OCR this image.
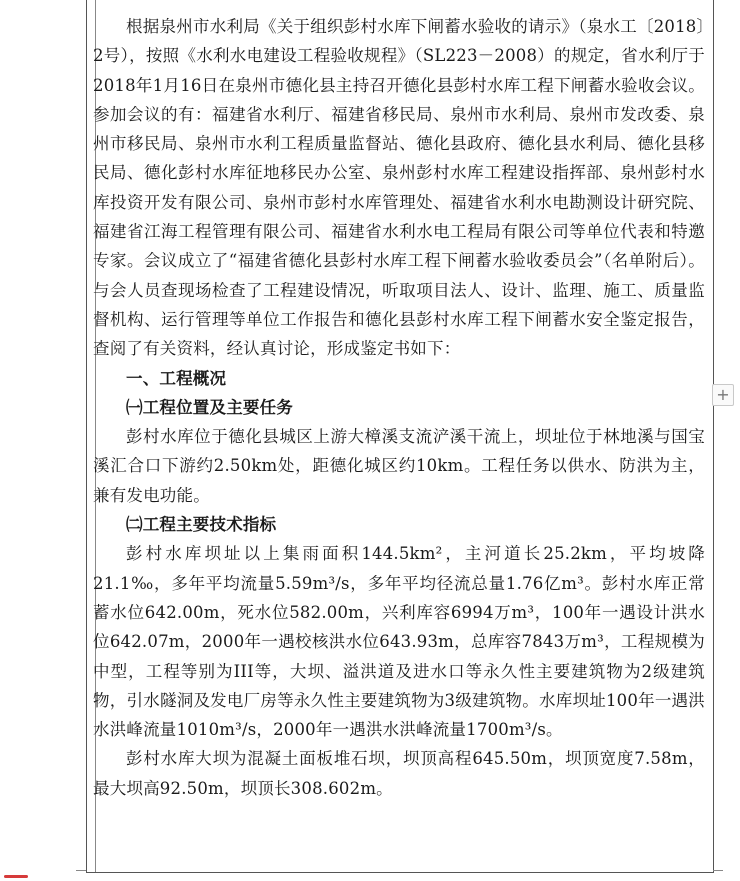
根据泉州市水利局《关于组织彭村水库下闸蓄水验收的请示》（泉水工〔2018〕2号），按照《水利水电建设工程验收规程》（SL223－2008）的规定，省水利厅于2018年1月16日在泉州市德化县主持召开德化县彭村水库工程下闸蓄水验收会议。参加会议的有：福建省水利厅、福建省移民局、泉州市水利局、泉州市发改委、泉州市移民局、泉州市水利工程质量监督站、德化县政府、德化县水利局、德化县移民局、德化彭村水库征地移民办公室、泉州彭村水库工程建设指挥部、泉州彭村水库投资开发有限公司、泉州市彭村水库管理处、福建省水利水电勘测设计研究院、福建省江海工程管理有限公司、福建省水利水电工程局有限公司等单位代表和特邀专家。会议成立了“福建省德化县彭村水库工程下闸蓄水验收委员会”（名单附后）。与会人员查现场检查了工程建设情况，听取项目法人、设计、监理、施工、质量监督机构、运行管理等单位工作报告和德化县彭村水库工程下闸蓄水安全鉴定报告，查阅了有关资料，经认真讨论，形成鉴定书如下：

一、工程概况
㈠工程位置及主要任务

彭村水库位于德化县城区上游大樟溪支流浐溪干流上，坝址位于林地溪与国宝溪汇合口下游约2.50km处，距德化城区约10km。工程任务以供水、防洪为主，兼有发电功能。

㈡工程主要技术指标

彭村水库坝址以上集雨面积144.5km²，主河道长25.2km，平均坡降21.1‰，多年平均流量5.59m³/s，多年平均径流总量1.76亿m³。彭村水库正常蓄水位642.00m，死水位582.00m，兴利库容6994万m³，100年一遇设计洪水位642.07m，2000年一遇校核洪水位643.93m，总库容7843万m³，工程规模为中型，工程等别为III等，大坝、溢洪道及进水口等永久性主要建筑物为2级建筑物，引水隧洞及发电厂房等永久性主要建筑物为3级建筑物。水库坝址100年一遇洪水洪峰流量1010m³/s，2000年一遇洪水洪峰流量1700m³/s。

彭村水库大坝为混凝土面板堆石坝，坝顶高程645.50m，坝顶宽度7.58m，最大坝高92.50m，坝顶长308.602m。

+
